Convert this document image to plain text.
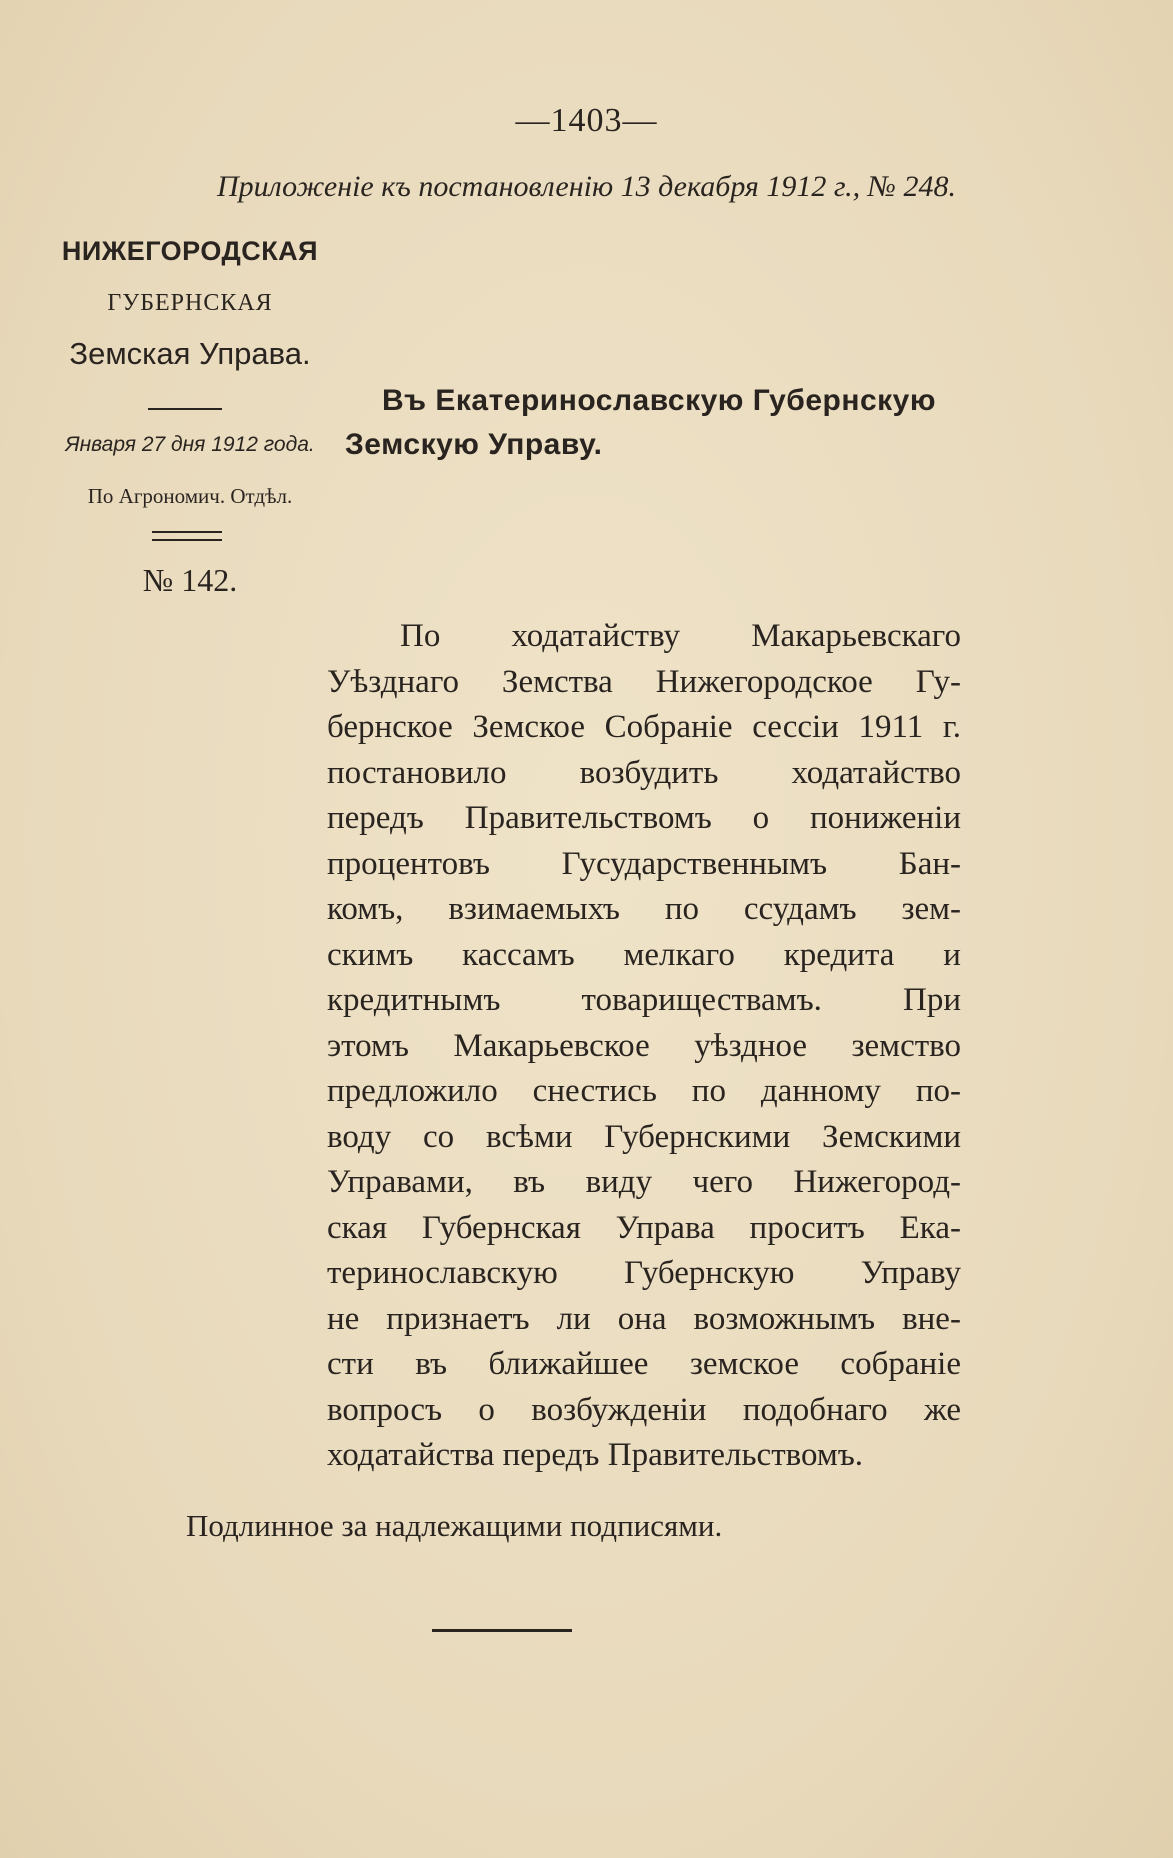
—1403—
Приложеніе къ постановленію 13 декабря 1912 г., № 248.
НИЖЕГОРОДСКАЯ
ГУБЕРНСКАЯ
Земская Управа.
Января 27 дня 1912 года.
По Агрономич. Отдѣл.
№ 142.
Въ Екатеринославскую Губернскую
Земскую Управу.
По ходатайству Макарьевскаго
Уѣзднаго Земства Нижегородское Гу-
бернское Земское Собраніе сессіи 1911 г.
постановило возбудить ходатайство
передъ Правительствомъ о пониженіи
процентовъ Гусударственнымъ Бан-
комъ, взимаемыхъ по ссудамъ зем-
скимъ кассамъ мелкаго кредита и
кредитнымъ товариществамъ. При
этомъ Макарьевское уѣздное земство
предложило снестись по данному по-
воду со всѣми Губернскими Земскими
Управами, въ виду чего Нижегород-
ская Губернская Управа проситъ Ека-
теринославскую Губернскую Управу
не признаетъ ли она возможнымъ вне-
сти въ ближайшее земское собраніе
вопросъ о возбужденіи подобнаго же
ходатайства
передъ
Правительствомъ.

Подлинное за надлежащими подписями.
